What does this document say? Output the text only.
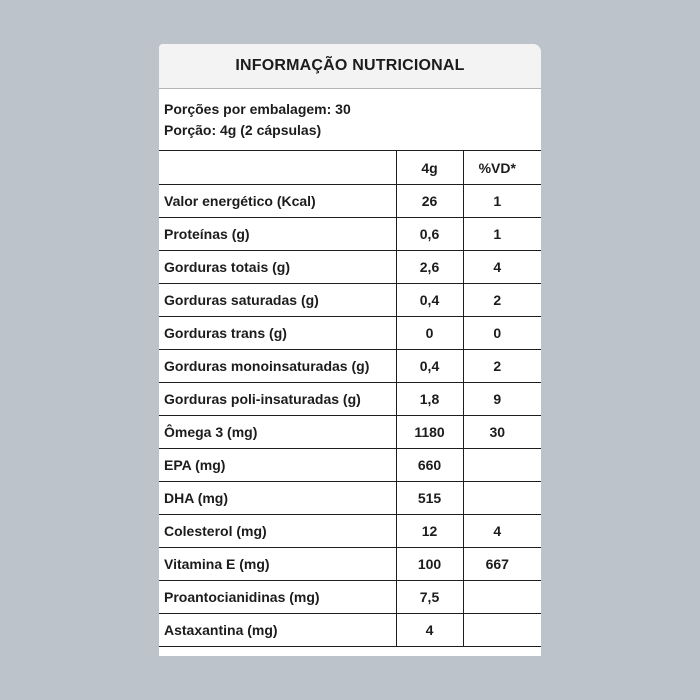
INFORMAÇÃO NUTRICIONAL
Porções por embalagem: 30
Porção: 4g (2 cápsulas)
	4g	%VD*	
Valor energético (Kcal)	26	1	
Proteínas (g)	0,6	1	
Gorduras totais (g)	2,6	4	
Gorduras saturadas (g)	0,4	2	
Gorduras trans (g)	0	0	
Gorduras monoinsaturadas (g)	0,4	2	
Gorduras poli-insaturadas (g)	1,8	9	
Ômega 3 (mg)	1180	30	
EPA (mg)	660		
DHA (mg)	515		
Colesterol (mg)	12	4	
Vitamina E (mg)	100	667	
Proantocianidinas (mg)	7,5		
Astaxantina (mg)	4		
